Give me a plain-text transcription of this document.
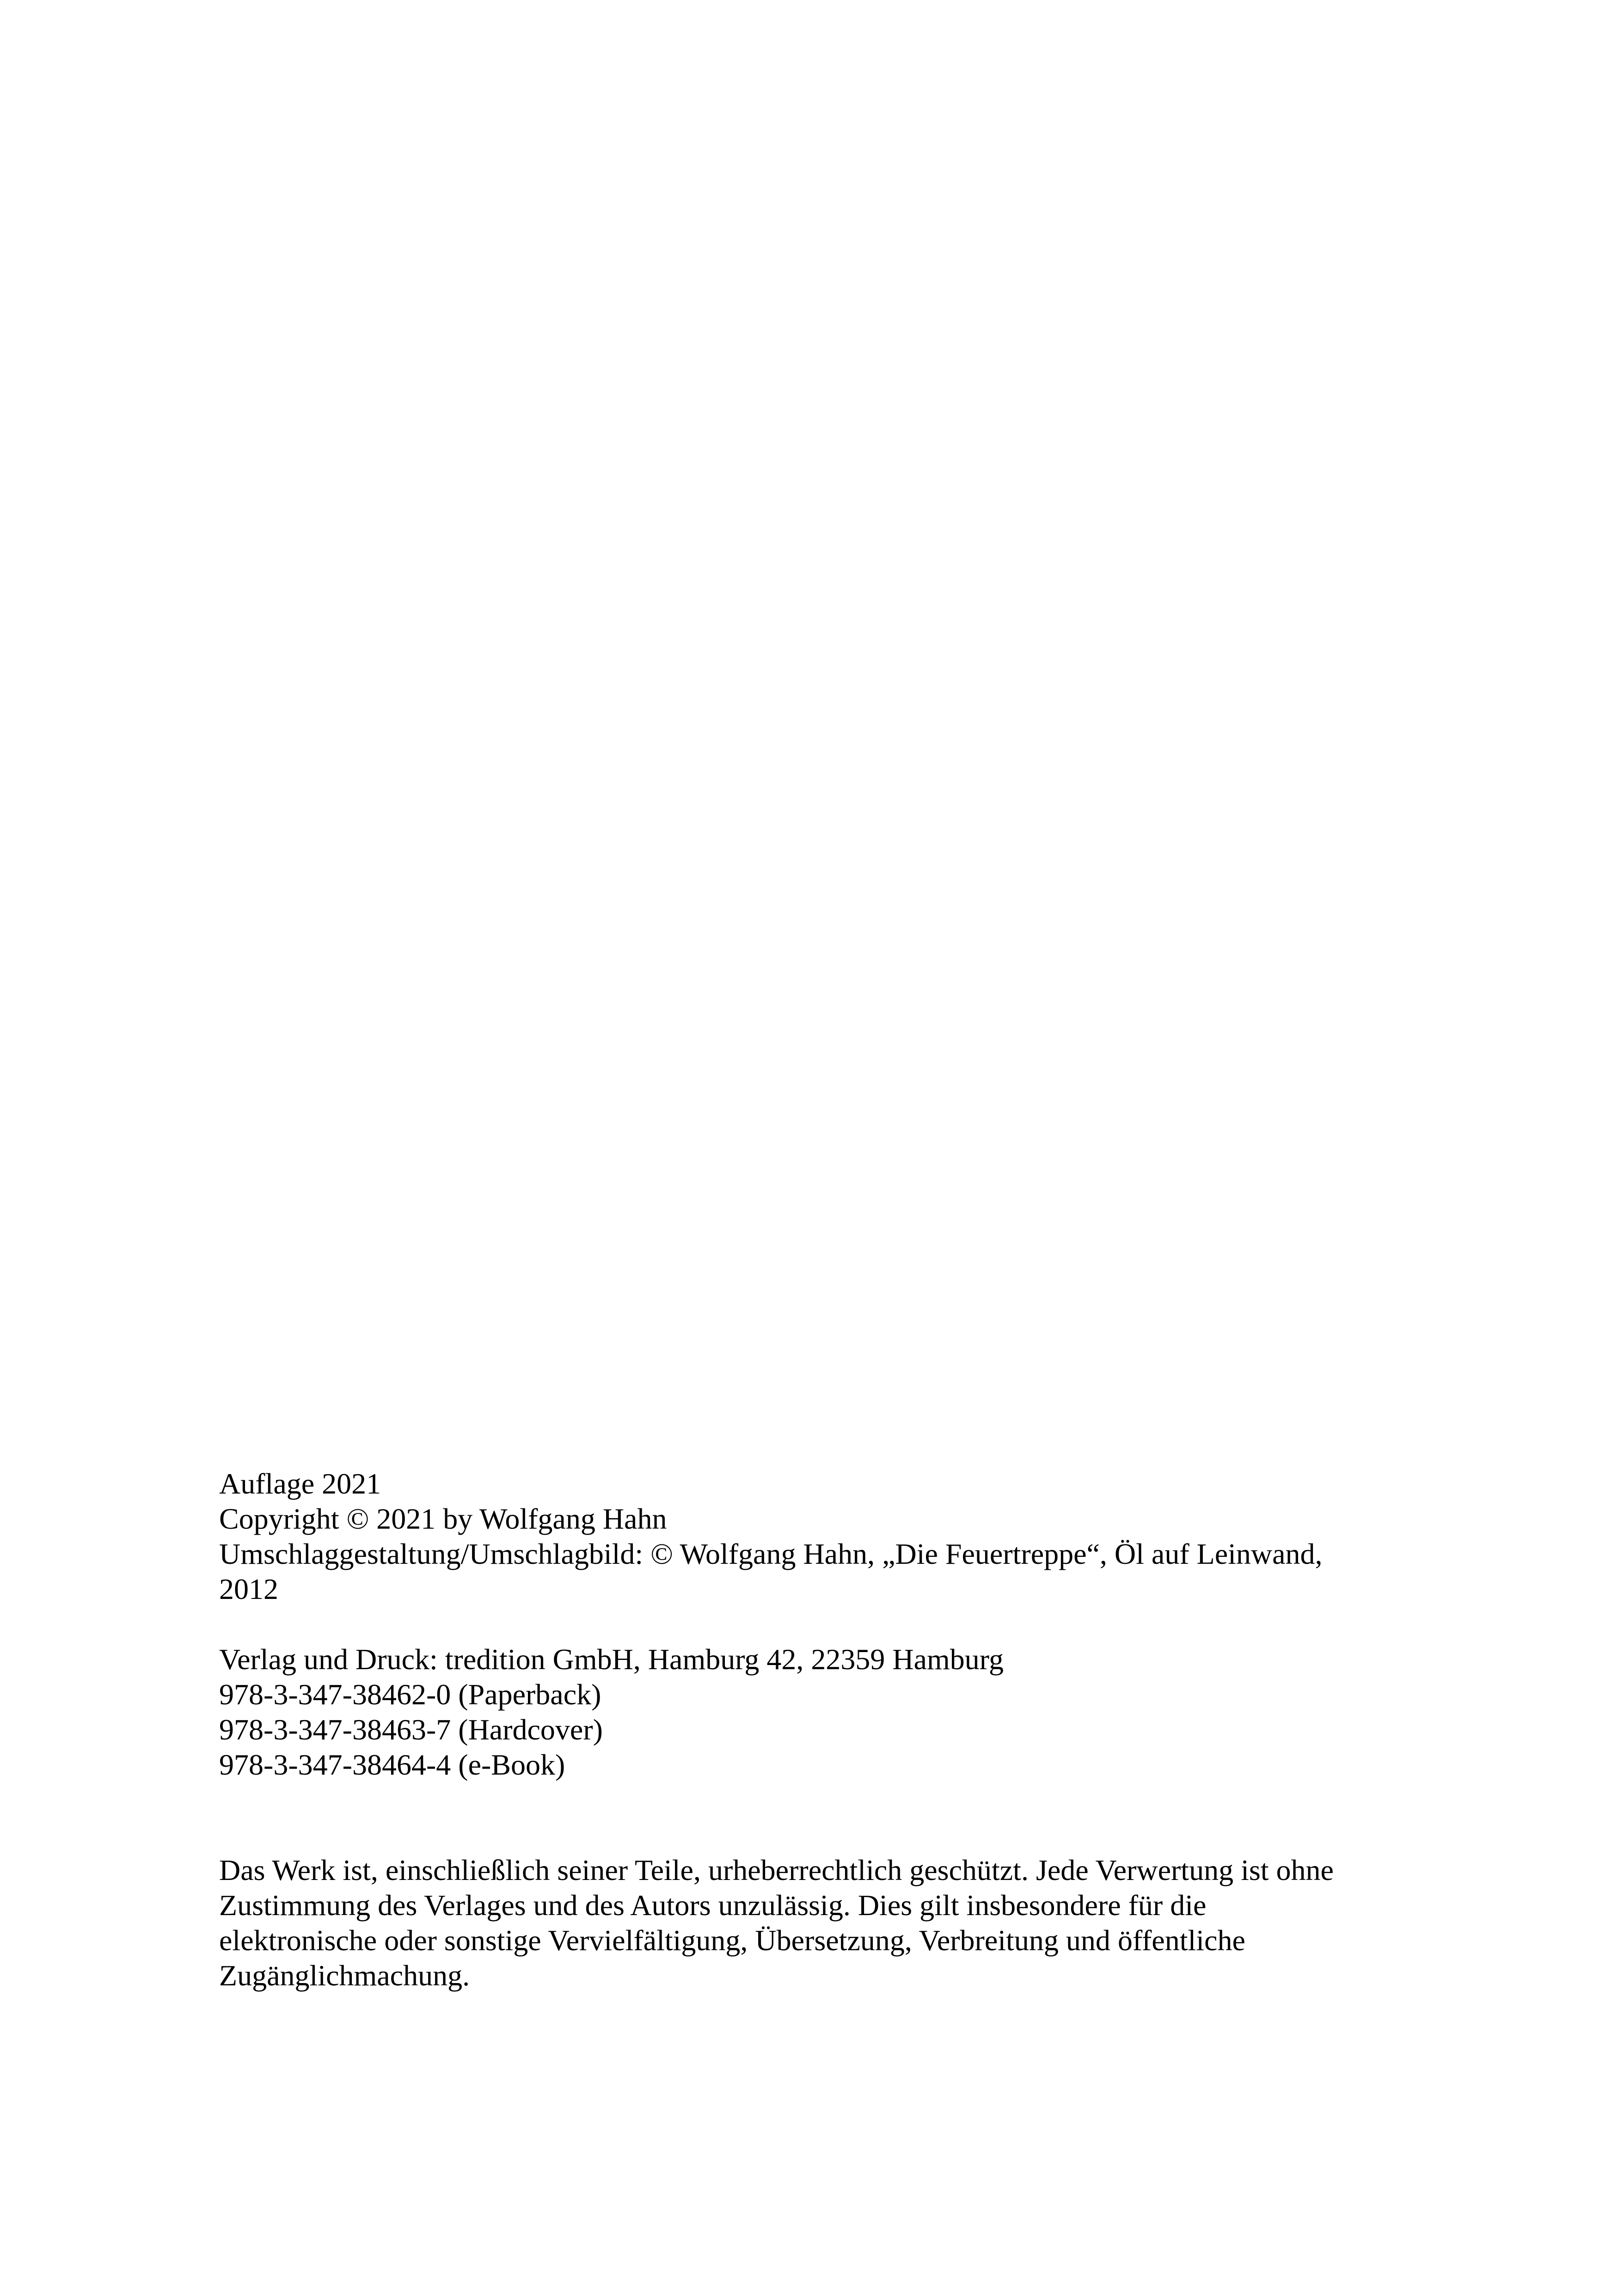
Auflage 2021
Copyright © 2021 by Wolfgang Hahn
Umschlaggestaltung/Umschlagbild: © Wolfgang Hahn, „Die Feuertreppe“, Öl auf Leinwand,
2012
Verlag und Druck: tredition GmbH, Hamburg 42, 22359 Hamburg
978-3-347-38462-0 (Paperback)
978-3-347-38463-7 (Hardcover)
978-3-347-38464-4 (e-Book)
Das Werk ist, einschließlich seiner Teile, urheberrechtlich geschützt. Jede Verwertung ist ohne
Zustimmung des Verlages und des Autors unzulässig. Dies gilt insbesondere für die
elektronische oder sonstige Vervielfältigung, Übersetzung, Verbreitung und öffentliche
Zugänglichmachung.
